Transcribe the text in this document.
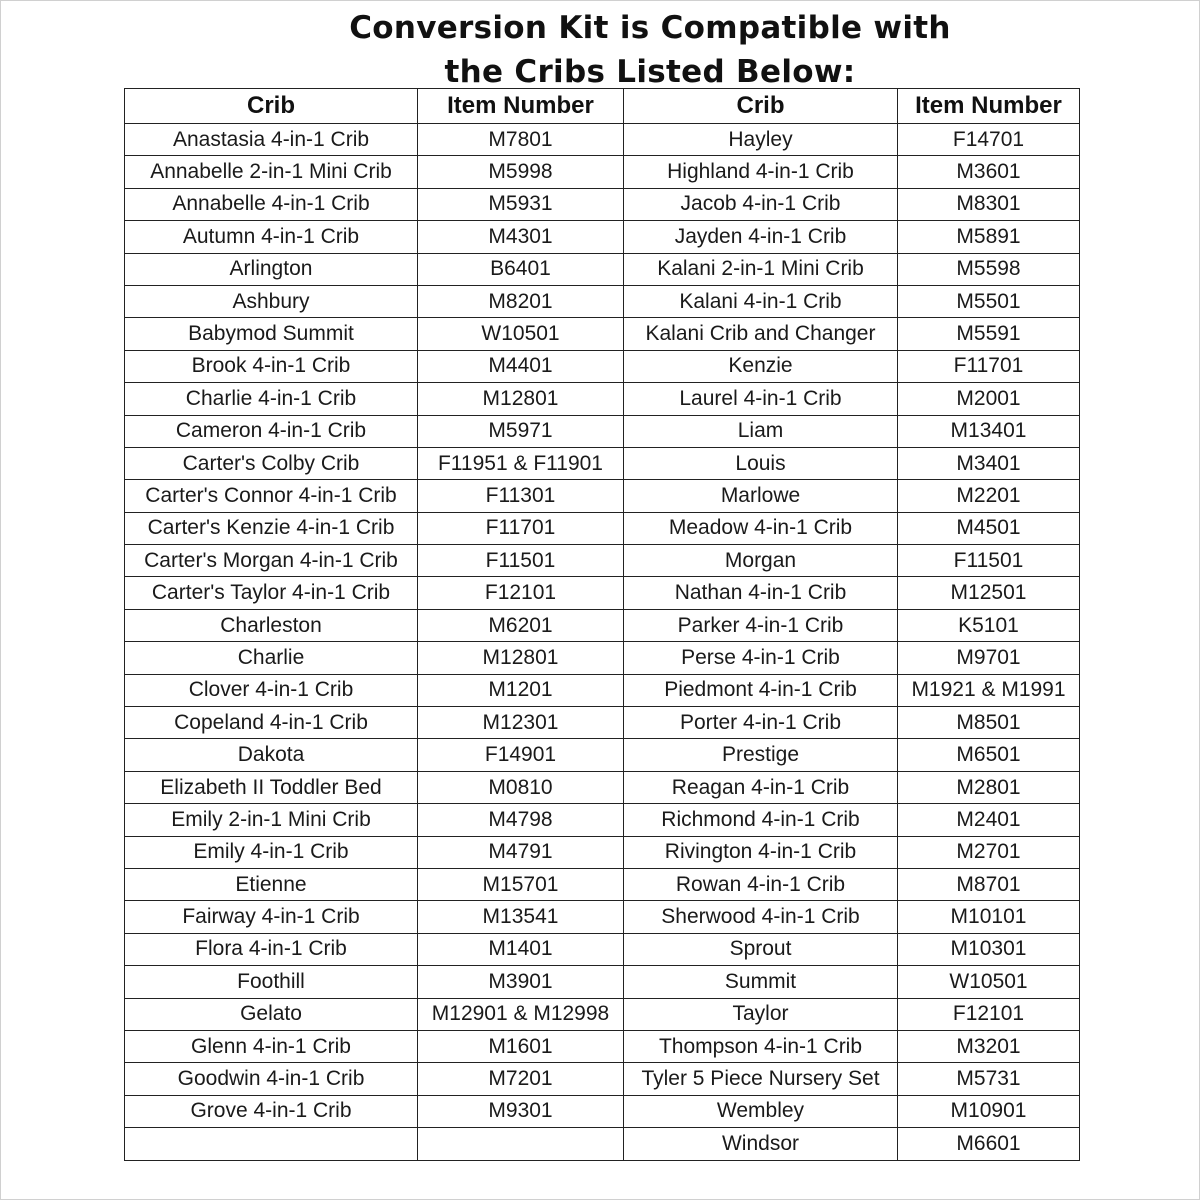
Conversion Kit is Compatible with
the Cribs Listed Below:
Crib	Item Number	Crib	Item Number
Anastasia 4-in-1 Crib	M7801	Hayley	F14701
Annabelle 2-in-1 Mini Crib	M5998	Highland 4-in-1 Crib	M3601
Annabelle 4-in-1 Crib	M5931	Jacob 4-in-1 Crib	M8301
Autumn 4-in-1 Crib	M4301	Jayden 4-in-1 Crib	M5891
Arlington	B6401	Kalani 2-in-1 Mini Crib	M5598
Ashbury	M8201	Kalani 4-in-1 Crib	M5501
Babymod Summit	W10501	Kalani Crib and Changer	M5591
Brook 4-in-1 Crib	M4401	Kenzie	F11701
Charlie 4-in-1 Crib	M12801	Laurel 4-in-1 Crib	M2001
Cameron 4-in-1 Crib	M5971	Liam	M13401
Carter's Colby Crib	F11951 & F11901	Louis	M3401
Carter's Connor 4-in-1 Crib	F11301	Marlowe	M2201
Carter's Kenzie 4-in-1 Crib	F11701	Meadow 4-in-1 Crib	M4501
Carter's Morgan 4-in-1 Crib	F11501	Morgan	F11501
Carter's Taylor 4-in-1 Crib	F12101	Nathan 4-in-1 Crib	M12501
Charleston	M6201	Parker 4-in-1 Crib	K5101
Charlie	M12801	Perse 4-in-1 Crib	M9701
Clover 4-in-1 Crib	M1201	Piedmont 4-in-1 Crib	M1921 & M1991
Copeland 4-in-1 Crib	M12301	Porter 4-in-1 Crib	M8501
Dakota	F14901	Prestige	M6501
Elizabeth II Toddler Bed	M0810	Reagan 4-in-1 Crib	M2801
Emily 2-in-1 Mini Crib	M4798	Richmond 4-in-1 Crib	M2401
Emily 4-in-1 Crib	M4791	Rivington 4-in-1 Crib	M2701
Etienne	M15701	Rowan 4-in-1 Crib	M8701
Fairway 4-in-1 Crib	M13541	Sherwood 4-in-1 Crib	M10101
Flora 4-in-1 Crib	M1401	Sprout	M10301
Foothill	M3901	Summit	W10501
Gelato	M12901 & M12998	Taylor	F12101
Glenn 4-in-1 Crib	M1601	Thompson 4-in-1 Crib	M3201
Goodwin 4-in-1 Crib	M7201	Tyler 5 Piece Nursery Set	M5731
Grove 4-in-1 Crib	M9301	Wembley	M10901
		Windsor	M6601
